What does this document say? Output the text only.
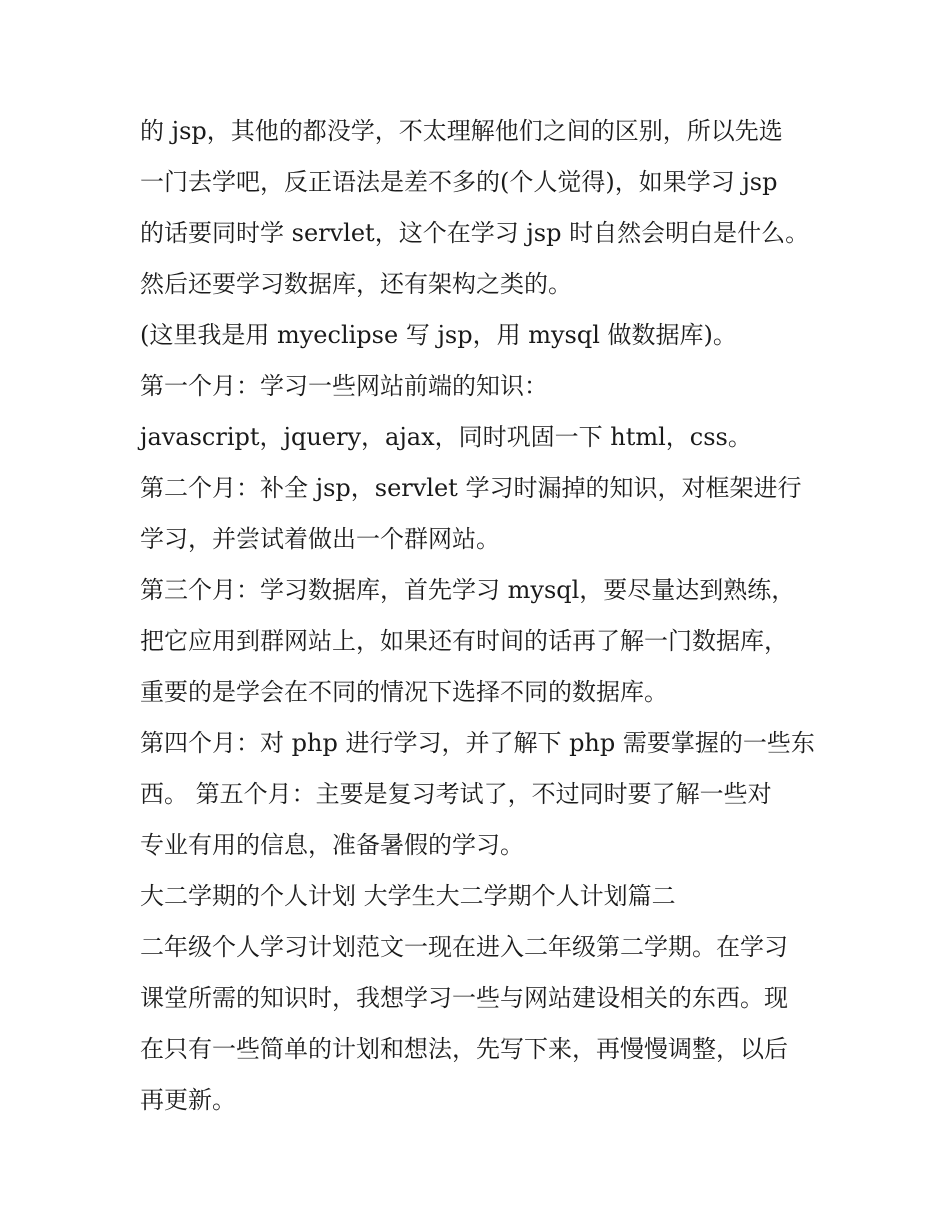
的 jsp，其他的都没学，不太理解他们之间的区别，所以先选
一门去学吧，反正语法是差不多的(个人觉得)，如果学习 jsp
的话要同时学 servlet，这个在学习 jsp 时自然会明白是什么。
然后还要学习数据库，还有架构之类的。
(这里我是用 myeclipse 写 jsp，用 mysql 做数据库)。
第一个月：学习一些网站前端的知识：
javascript，jquery，ajax，同时巩固一下 html，css。
第二个月：补全 jsp，servlet 学习时漏掉的知识，对框架进行
学习，并尝试着做出一个群网站。
第三个月：学习数据库，首先学习 mysql，要尽量达到熟练，
把它应用到群网站上，如果还有时间的话再了解一门数据库，
重要的是学会在不同的情况下选择不同的数据库。
第四个月：对 php 进行学习，并了解下 php 需要掌握的一些东
西。 第五个月：主要是复习考试了，不过同时要了解一些对
专业有用的信息，准备暑假的学习。
大二学期的个人计划 大学生大二学期个人计划篇二
二年级个人学习计划范文一现在进入二年级第二学期。在学习
课堂所需的知识时，我想学习一些与网站建设相关的东西。现
在只有一些简单的计划和想法，先写下来，再慢慢调整，以后
再更新。
